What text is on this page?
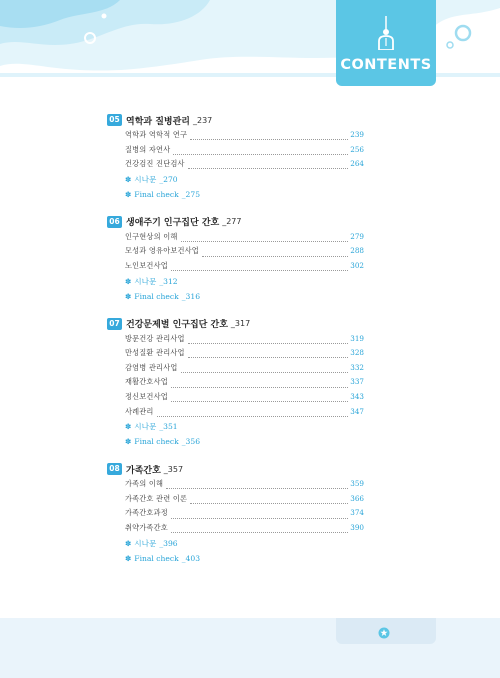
CONTENTS
05 역학과 질병관리 _237
역학과 역학적 연구	239
질병의 자연사	256
건강검진 진단검사	264
✽ 시나문 _270
✽ Final check _275
06 생애주기 인구집단 간호 _277
인구현상의 이해	279
모성과 영유아보건사업	288
노인보건사업	302
✽ 시나문 _312
✽ Final check _316
07 건강문제별 인구집단 간호 _317
방문건강 관리사업	319
만성질환 관리사업	328
감염병 관리사업	332
재활간호사업	337
정신보건사업	343
사례관리	347
✽ 시나문 _351
✽ Final check _356
08 가족간호 _357
가족의 이해	359
가족간호 관련 이론	366
가족간호과정	374
취약가족간호	390
✽ 시나문 _396
✽ Final check _403
